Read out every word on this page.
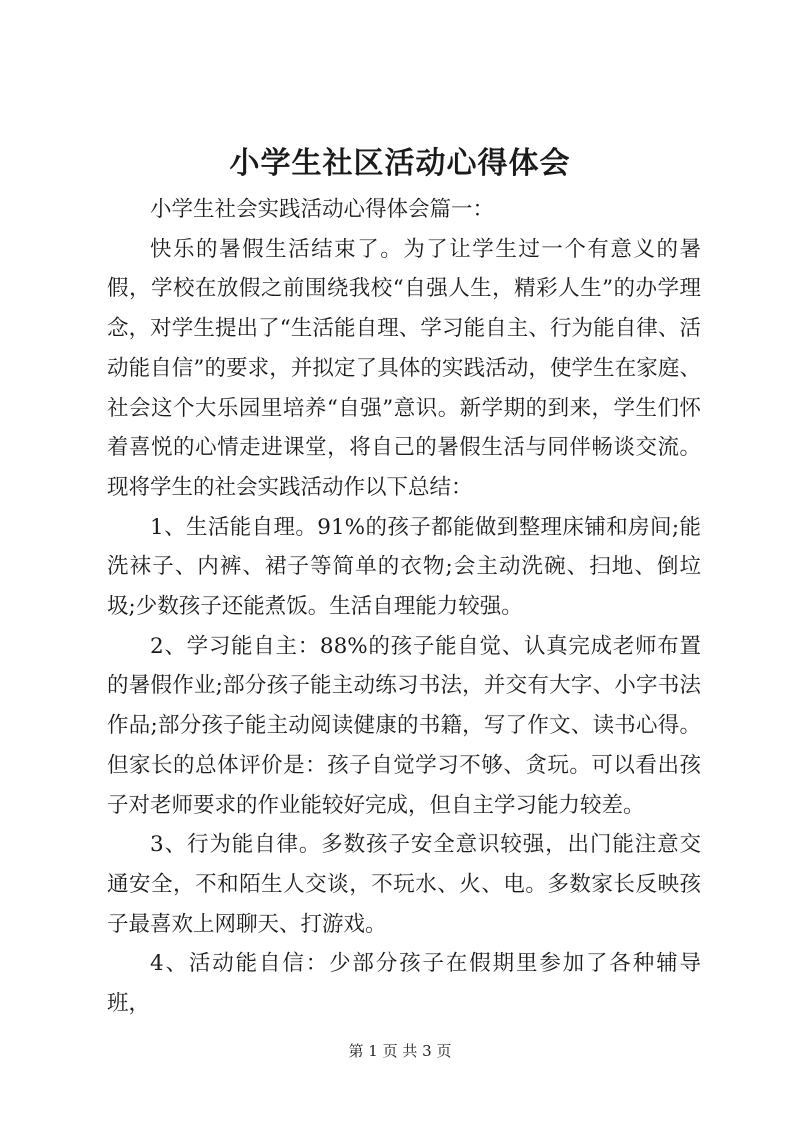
小学生社区活动心得体会

小学生社会实践活动心得体会篇一：

快乐的暑假生活结束了。为了让学生过一个有意义的暑假，学校在放假之前围绕我校“自强人生，精彩人生”的办学理念，对学生提出了“生活能自理、学习能自主、行为能自律、活动能自信”的要求，并拟定了具体的实践活动，使学生在家庭、社会这个大乐园里培养“自强”意识。新学期的到来，学生们怀着喜悦的心情走进课堂，将自己的暑假生活与同伴畅谈交流。现将学生的社会实践活动作以下总结：

1、生活能自理。91%的孩子都能做到整理床铺和房间;能洗袜子、内裤、裙子等简单的衣物;会主动洗碗、扫地、倒垃圾;少数孩子还能煮饭。生活自理能力较强。

2、学习能自主：88%的孩子能自觉、认真完成老师布置的暑假作业;部分孩子能主动练习书法，并交有大字、小字书法作品;部分孩子能主动阅读健康的书籍，写了作文、读书心得。但家长的总体评价是：孩子自觉学习不够、贪玩。可以看出孩子对老师要求的作业能较好完成，但自主学习能力较差。

3、行为能自律。多数孩子安全意识较强，出门能注意交通安全，不和陌生人交谈，不玩水、火、电。多数家长反映孩子最喜欢上网聊天、打游戏。

4、活动能自信：少部分孩子在假期里参加了各种辅导班，

第 1 页 共 3 页
